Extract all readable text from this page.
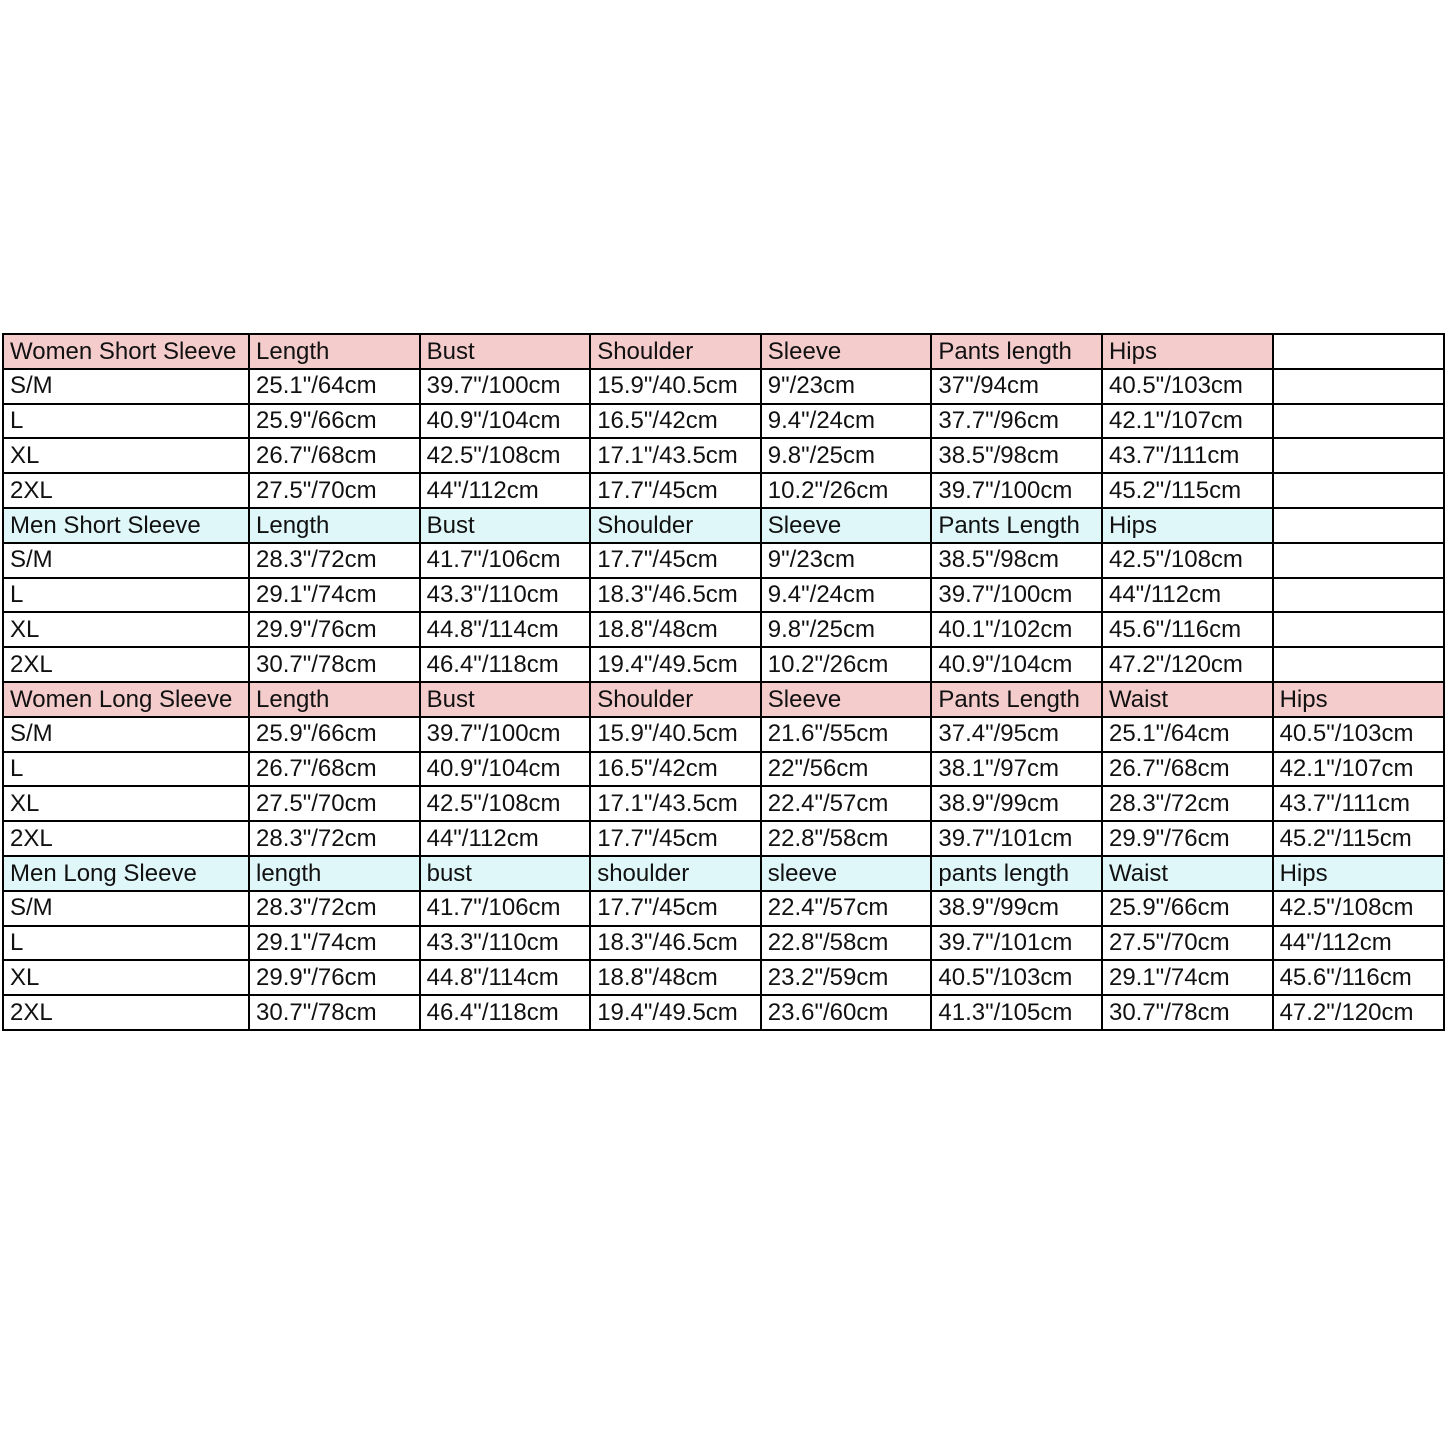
Women Short Sleeve	Length	Bust	Shoulder	Sleeve	Pants length	Hips	
S/M	25.1"/64cm	39.7"/100cm	15.9"/40.5cm	9"/23cm	37"/94cm	40.5"/103cm	
L	25.9"/66cm	40.9"/104cm	16.5"/42cm	9.4"/24cm	37.7"/96cm	42.1"/107cm	
XL	26.7"/68cm	42.5"/108cm	17.1"/43.5cm	9.8"/25cm	38.5"/98cm	43.7"/111cm	
2XL	27.5"/70cm	44"/112cm	17.7"/45cm	10.2"/26cm	39.7"/100cm	45.2"/115cm	
Men Short Sleeve	Length	Bust	Shoulder	Sleeve	Pants Length	Hips	
S/M	28.3"/72cm	41.7"/106cm	17.7"/45cm	9"/23cm	38.5"/98cm	42.5"/108cm	
L	29.1"/74cm	43.3"/110cm	18.3"/46.5cm	9.4"/24cm	39.7"/100cm	44"/112cm	
XL	29.9"/76cm	44.8"/114cm	18.8"/48cm	9.8"/25cm	40.1"/102cm	45.6"/116cm	
2XL	30.7"/78cm	46.4"/118cm	19.4"/49.5cm	10.2"/26cm	40.9"/104cm	47.2"/120cm	
Women Long Sleeve	Length	Bust	Shoulder	Sleeve	Pants Length	Waist	Hips
S/M	25.9"/66cm	39.7"/100cm	15.9"/40.5cm	21.6"/55cm	37.4"/95cm	25.1"/64cm	40.5"/103cm
L	26.7"/68cm	40.9"/104cm	16.5"/42cm	22"/56cm	38.1"/97cm	26.7"/68cm	42.1"/107cm
XL	27.5"/70cm	42.5"/108cm	17.1"/43.5cm	22.4"/57cm	38.9"/99cm	28.3"/72cm	43.7"/111cm
2XL	28.3"/72cm	44"/112cm	17.7"/45cm	22.8"/58cm	39.7"/101cm	29.9"/76cm	45.2"/115cm
Men Long Sleeve	length	bust	shoulder	sleeve	pants length	Waist	Hips
S/M	28.3"/72cm	41.7"/106cm	17.7"/45cm	22.4"/57cm	38.9"/99cm	25.9"/66cm	42.5"/108cm
L	29.1"/74cm	43.3"/110cm	18.3"/46.5cm	22.8"/58cm	39.7"/101cm	27.5"/70cm	44"/112cm
XL	29.9"/76cm	44.8"/114cm	18.8"/48cm	23.2"/59cm	40.5"/103cm	29.1"/74cm	45.6"/116cm
2XL	30.7"/78cm	46.4"/118cm	19.4"/49.5cm	23.6"/60cm	41.3"/105cm	30.7"/78cm	47.2"/120cm
